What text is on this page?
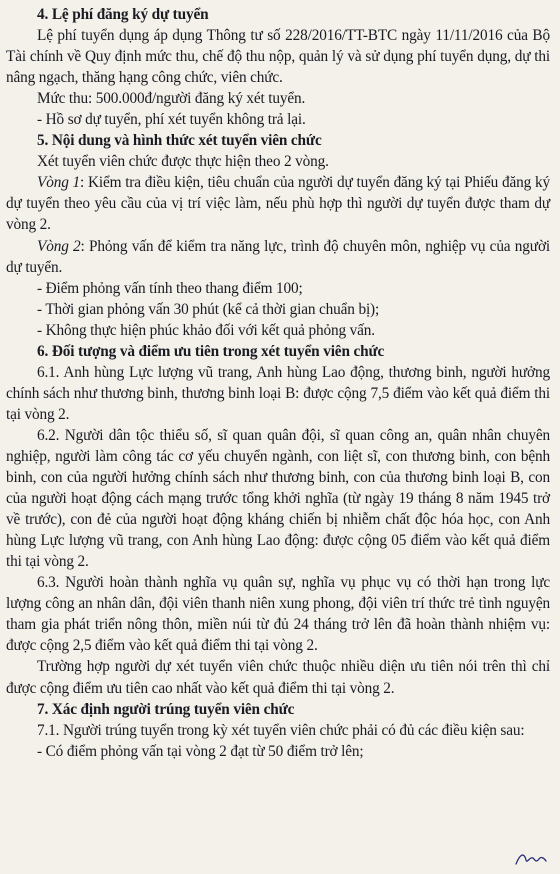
4. Lệ phí đăng ký dự tuyển

Lệ phí tuyển dụng áp dụng Thông tư số 228/2016/TT-BTC ngày 11/11/2016 của Bộ Tài chính về Quy định mức thu, chế độ thu nộp, quản lý và sử dụng phí tuyển dụng, dự thi nâng ngạch, thăng hạng công chức, viên chức.

Mức thu: 500.000đ/người đăng ký xét tuyển.

- Hồ sơ dự tuyển, phí xét tuyển không trả lại.

5. Nội dung và hình thức xét tuyển viên chức

Xét tuyển viên chức được thực hiện theo 2 vòng.

Vòng 1: Kiểm tra điều kiện, tiêu chuẩn của người dự tuyển đăng ký tại Phiếu đăng ký dự tuyển theo yêu cầu của vị trí việc làm, nếu phù hợp thì người dự tuyển được tham dự vòng 2.

Vòng 2: Phỏng vấn để kiểm tra năng lực, trình độ chuyên môn, nghiệp vụ của người dự tuyển.

- Điểm phỏng vấn tính theo thang điểm 100;

- Thời gian phỏng vấn 30 phút (kể cả thời gian chuẩn bị);

- Không thực hiện phúc khảo đối với kết quả phỏng vấn.

6. Đối tượng và điểm ưu tiên trong xét tuyển viên chức

6.1. Anh hùng Lực lượng vũ trang, Anh hùng Lao động, thương binh, người hưởng chính sách như thương binh, thương binh loại B: được cộng 7,5 điểm vào kết quả điểm thi tại vòng 2.

6.2. Người dân tộc thiểu số, sĩ quan quân đội, sĩ quan công an, quân nhân chuyên nghiệp, người làm công tác cơ yếu chuyển ngành, con liệt sĩ, con thương binh, con bệnh binh, con của người hưởng chính sách như thương binh, con của thương binh loại B, con của người hoạt động cách mạng trước tổng khởi nghĩa (từ ngày 19 tháng 8 năm 1945 trở về trước), con đẻ của người hoạt động kháng chiến bị nhiễm chất độc hóa học, con Anh hùng Lực lượng vũ trang, con Anh hùng Lao động: được cộng 05 điểm vào kết quả điểm thi tại vòng 2.

6.3. Người hoàn thành nghĩa vụ quân sự, nghĩa vụ phục vụ có thời hạn trong lực lượng công an nhân dân, đội viên thanh niên xung phong, đội viên trí thức trẻ tình nguyện tham gia phát triển nông thôn, miền núi từ đủ 24 tháng trở lên đã hoàn thành nhiệm vụ: được cộng 2,5 điểm vào kết quả điểm thi tại vòng 2.

Trường hợp người dự xét tuyển viên chức thuộc nhiều diện ưu tiên nói trên thì chỉ được cộng điểm ưu tiên cao nhất vào kết quả điểm thi tại vòng 2.

7. Xác định người trúng tuyển viên chức

7.1. Người trúng tuyển trong kỳ xét tuyển viên chức phải có đủ các điều kiện sau:

- Có điểm phỏng vấn tại vòng 2 đạt từ 50 điểm trở lên;
